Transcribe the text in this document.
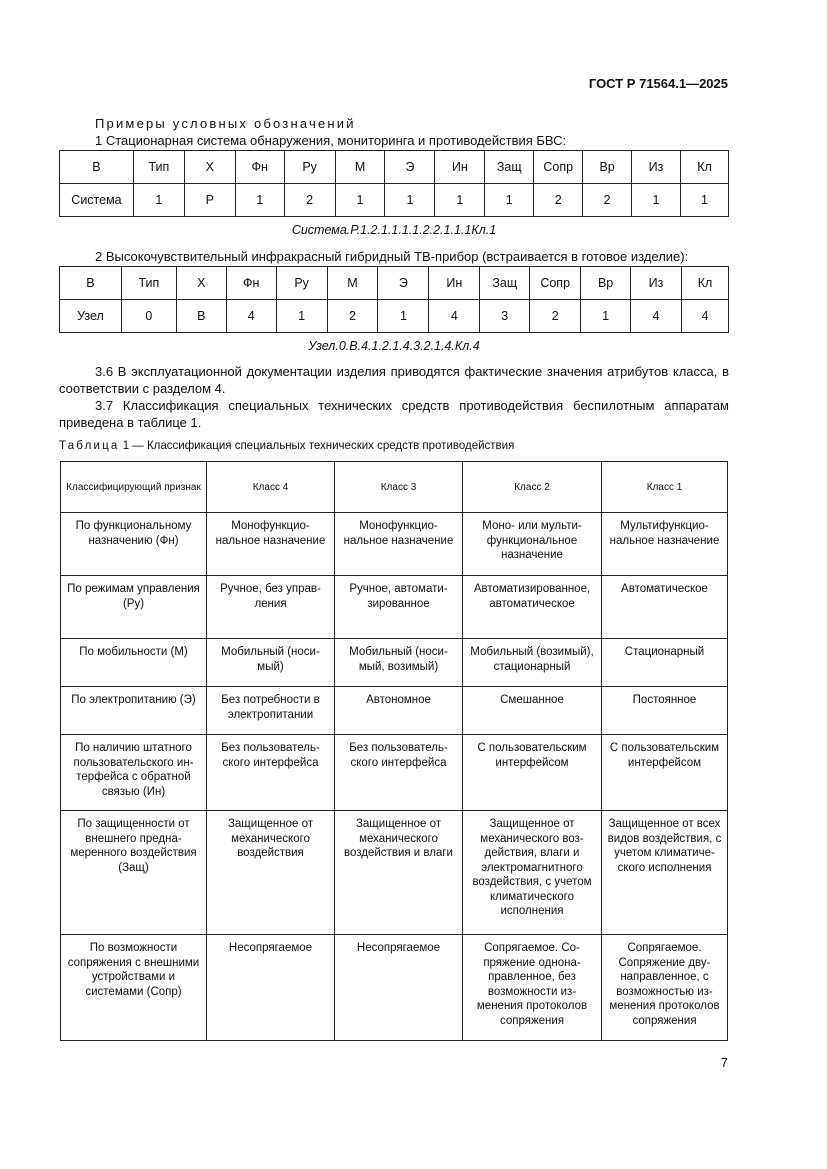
ГОСТ Р 71564.1—2025
Примеры условных обозначений
1 Стационарная система обнаружения, мониторинга и противодействия БВС:
В	Тип	Х	Фн	Ру	М	Э	Ин	Защ	Сопр	Вр	Из	Кл
Система	1	Р	1	2	1	1	1	1	2	2	1	1
Система.Р.1.2.1.1.1.1.2.2.1.1.1Кл.1
2 Высокочувствительный инфракрасный гибридный ТВ-прибор (встраивается в готовое изделие):
В	Тип	Х	Фн	Ру	М	Э	Ин	Защ	Сопр	Вр	Из	Кл
Узел	0	В	4	1	2	1	4	3	2	1	4	4
Узел.0.В.4.1.2.1.4.3.2.1.4.Кл.4
3.6 В эксплуатационной документации изделия приводятся фактические значения атрибутов класса, в соответствии с разделом 4.
3.7 Классификация специальных технических средств противодействия беспилотным аппаратам приведена в таблице 1.
Таблица 1 — Классификация специальных технических средств противодействия
Классифицирующий признак	Класс 4	Класс 3	Класс 2	Класс 1
По функциональному назначению (Фн)	Монофункциональное назначение	Монофункциональное назначение	Моно- или мультифункциональное назначение	Мультифункциональное назначение
По режимам управления (Ру)	Ручное, без управления	Ручное, автоматизированное	Автоматизированное, автоматическое	Автоматическое
По мобильности (М)	Мобильный (носимый)	Мобильный (носимый, возимый)	Мобильный (возимый), стационарный	Стационарный
По электропитанию (Э)	Без потребности в электропитании	Автономное	Смешанное	Постоянное
По наличию штатного пользовательского интерфейса с обратной связью (Ин)	Без пользовательского интерфейса	Без пользовательского интерфейса	С пользовательским интерфейсом	С пользовательским интерфейсом
По защищенности от внешнего преднамеренного воздействия (Защ)	Защищенное от механического воздействия	Защищенное от механического воздействия и влаги	Защищенное от механического воздействия, влаги и электромагнитного воздействия, с учетом климатического исполнения	Защищенное от всех видов воздействия, с учетом климатического исполнения
По возможности сопряжения с внешними устройствами и системами (Сопр)	Несопрягаемое	Несопрягаемое	Сопрягаемое. Сопряжение однонаправленное, без возможности изменения протоколов сопряжения	Сопрягаемое. Сопряжение двунаправленное, с возможностью изменения протоколов сопряжения
7
